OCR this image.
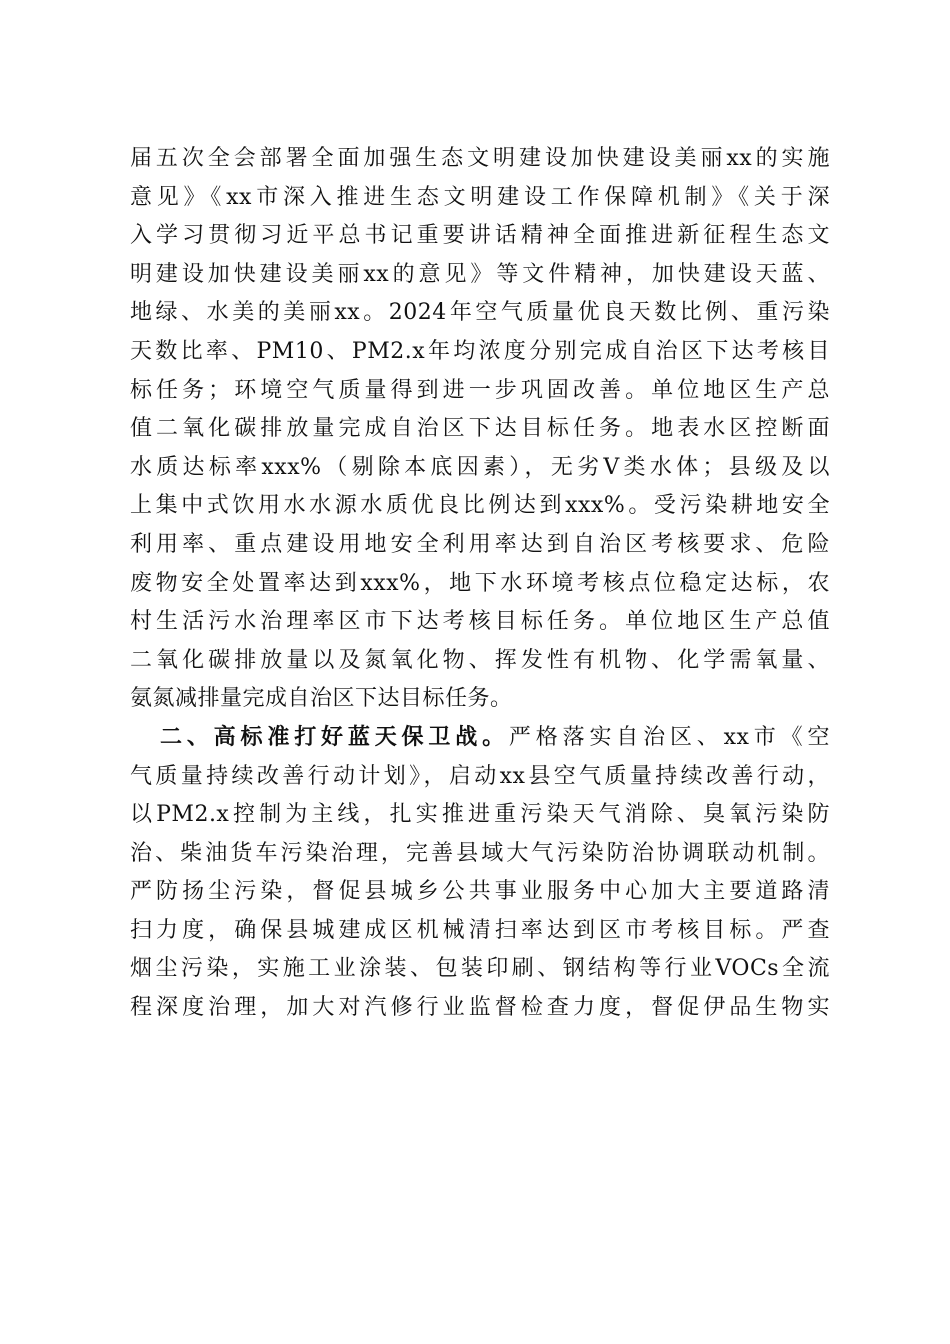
届五次全会部署全面加强生态文明建设加快建设美丽xx的实施
意见》《xx市深入推进生态文明建设工作保障机制》《关于深
入学习贯彻习近平总书记重要讲话精神全面推进新征程生态文
明建设加快建设美丽xx的意见》等文件精神，加快建设天蓝、
地绿、水美的美丽xx。2024年空气质量优良天数比例、重污染
天数比率、PM10、PM2.x年均浓度分别完成自治区下达考核目
标任务；环境空气质量得到进一步巩固改善。单位地区生产总
值二氧化碳排放量完成自治区下达目标任务。地表水区控断面
水质达标率xxx%（剔除本底因素），无劣Ⅴ类水体；县级及以
上集中式饮用水水源水质优良比例达到xxx%。受污染耕地安全
利用率、重点建设用地安全利用率达到自治区考核要求、危险
废物安全处置率达到xxx%，地下水环境考核点位稳定达标，农
村生活污水治理率区市下达考核目标任务。单位地区生产总值
二氧化碳排放量以及氮氧化物、挥发性有机物、化学需氧量、
氨氮减排量完成自治区下达目标任务。
二、高标准打好蓝天保卫战。严格落实自治区、xx市《空
气质量持续改善行动计划》，启动xx县空气质量持续改善行动，
以PM2.x控制为主线，扎实推进重污染天气消除、臭氧污染防
治、柴油货车污染治理，完善县域大气污染防治协调联动机制。
严防扬尘污染，督促县城乡公共事业服务中心加大主要道路清
扫力度，确保县城建成区机械清扫率达到区市考核目标。严查
烟尘污染，实施工业涂装、包装印刷、钢结构等行业VOCs全流
程深度治理，加大对汽修行业监督检查力度，督促伊品生物实
